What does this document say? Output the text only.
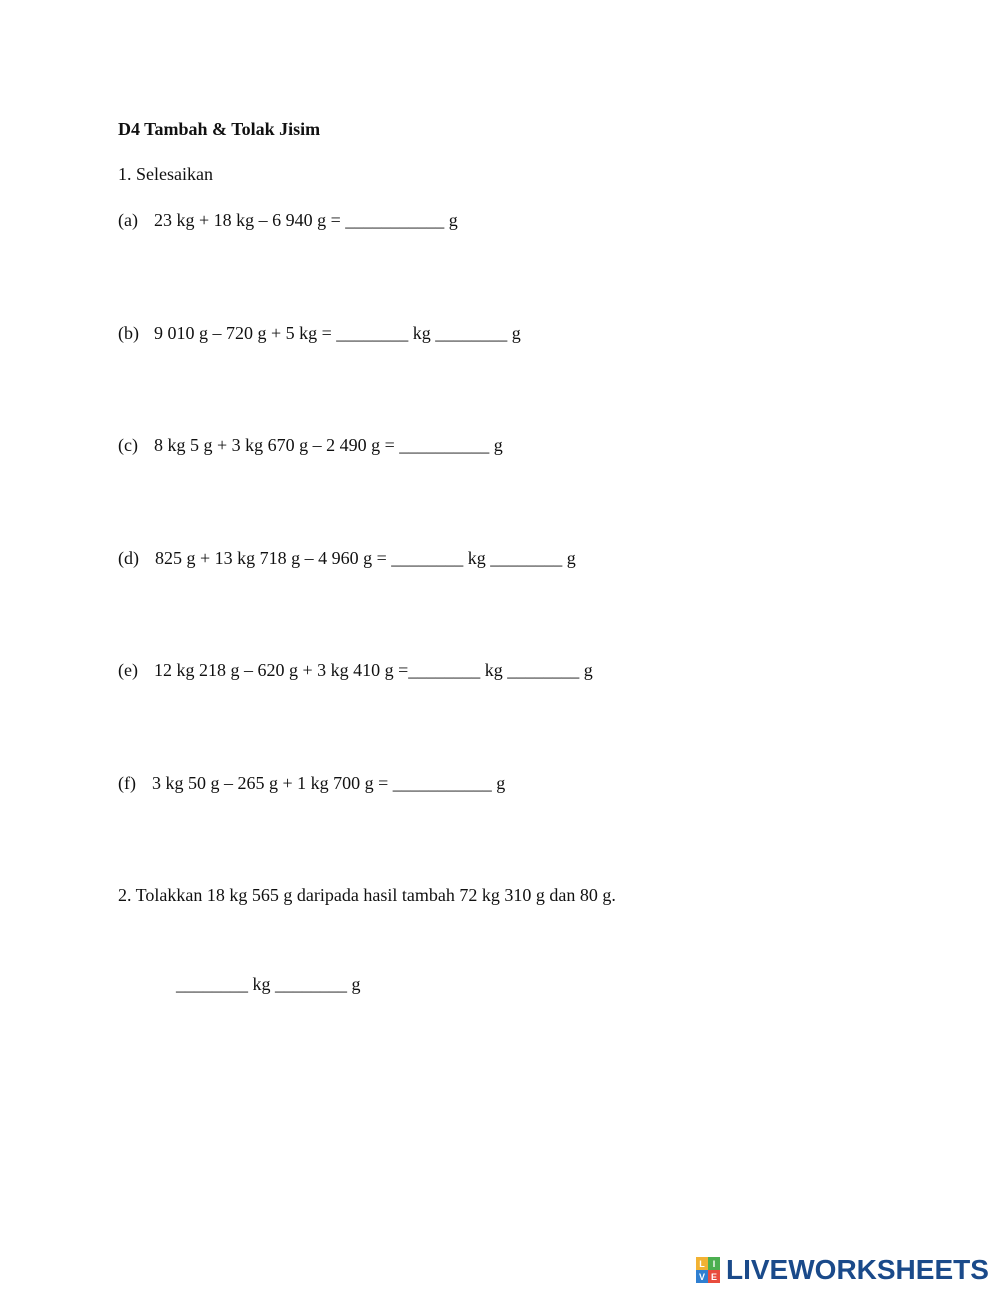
D4 Tambah & Tolak Jisim

1. Selesaikan

(a) 23 kg + 18 kg – 6 940 g = ___________ g
(b) 9 010 g – 720 g + 5 kg = ________ kg ________ g
(c) 8 kg 5 g + 3 kg 670 g – 2 490 g = __________ g
(d) 825 g + 13 kg 718 g – 4 960 g = ________ kg ________ g
(e) 12 kg 218 g – 620 g + 3 kg 410 g =________ kg ________ g
(f) 3 kg 50 g – 265 g + 1 kg 700 g = ___________ g

2. Tolakkan 18 kg 565 g daripada hasil tambah 72 kg 310 g dan 80 g.

________ kg ________ g

L I
V E LIVEWORKSHEETS
